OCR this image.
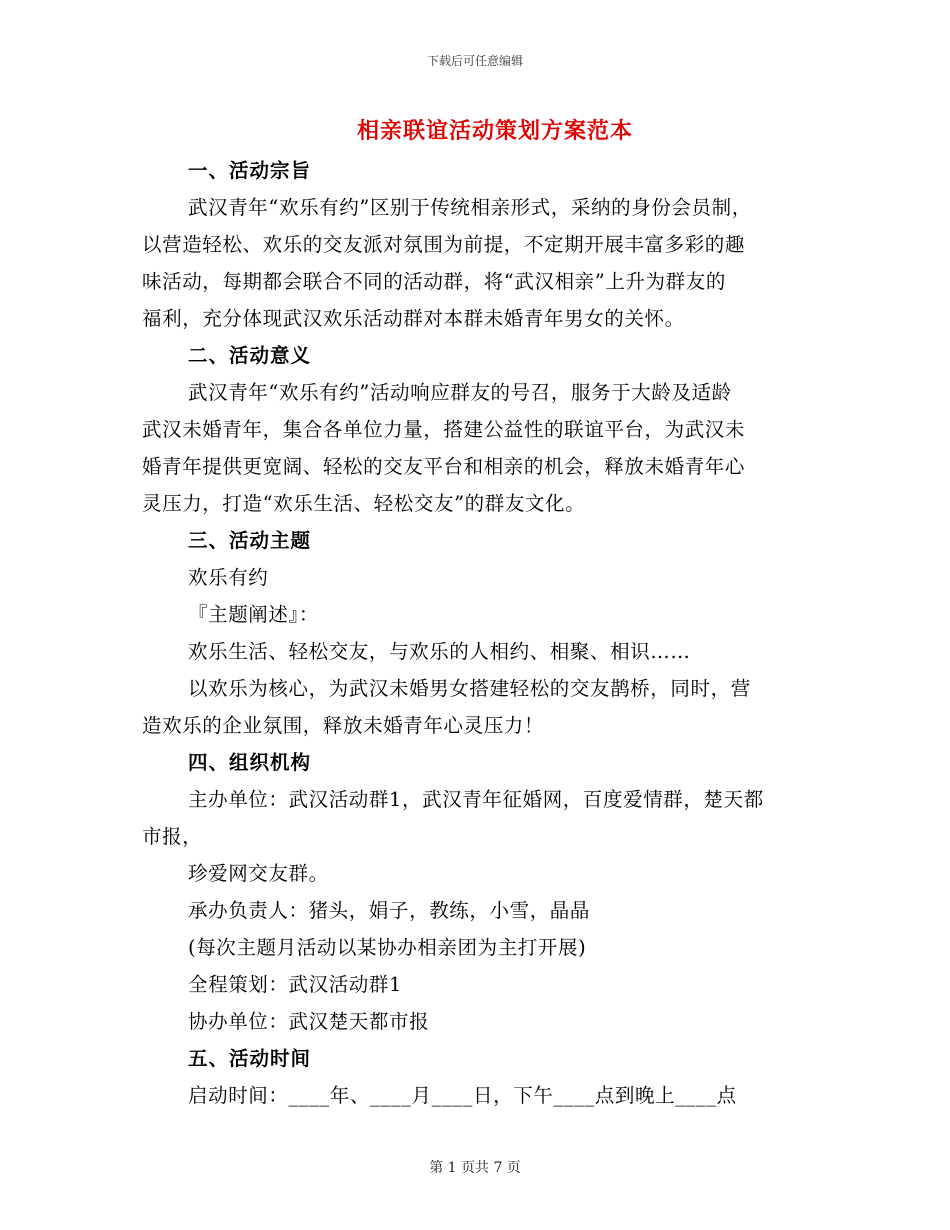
下载后可任意编辑
相亲联谊活动策划方案范本
一、活动宗旨
武汉青年“欢乐有约”区别于传统相亲形式，采纳的身份会员制，
以营造轻松、欢乐的交友派对氛围为前提，不定期开展丰富多彩的趣
味活动，每期都会联合不同的活动群，将“武汉相亲”上升为群友的
福利，充分体现武汉欢乐活动群对本群未婚青年男女的关怀。
二、活动意义
武汉青年“欢乐有约”活动响应群友的号召，服务于大龄及适龄
武汉未婚青年，集合各单位力量，搭建公益性的联谊平台，为武汉未
婚青年提供更宽阔、轻松的交友平台和相亲的机会，释放未婚青年心
灵压力，打造“欢乐生活、轻松交友”的群友文化。
三、活动主题
欢乐有约
『主题阐述』：
欢乐生活、轻松交友，与欢乐的人相约、相聚、相识……
以欢乐为核心，为武汉未婚男女搭建轻松的交友鹊桥，同时，营
造欢乐的企业氛围，释放未婚青年心灵压力！
四、组织机构
主办单位：武汉活动群1，武汉青年征婚网，百度爱情群，楚天都
市报，
珍爱网交友群。
承办负责人：猪头，娟子，教练，小雪，晶晶
(每次主题月活动以某协办相亲团为主打开展)
全程策划：武汉活动群1
协办单位：武汉楚天都市报
五、活动时间
启动时间：____年、____月____日，下午____点到晚上____点
第 1 页共 7 页
